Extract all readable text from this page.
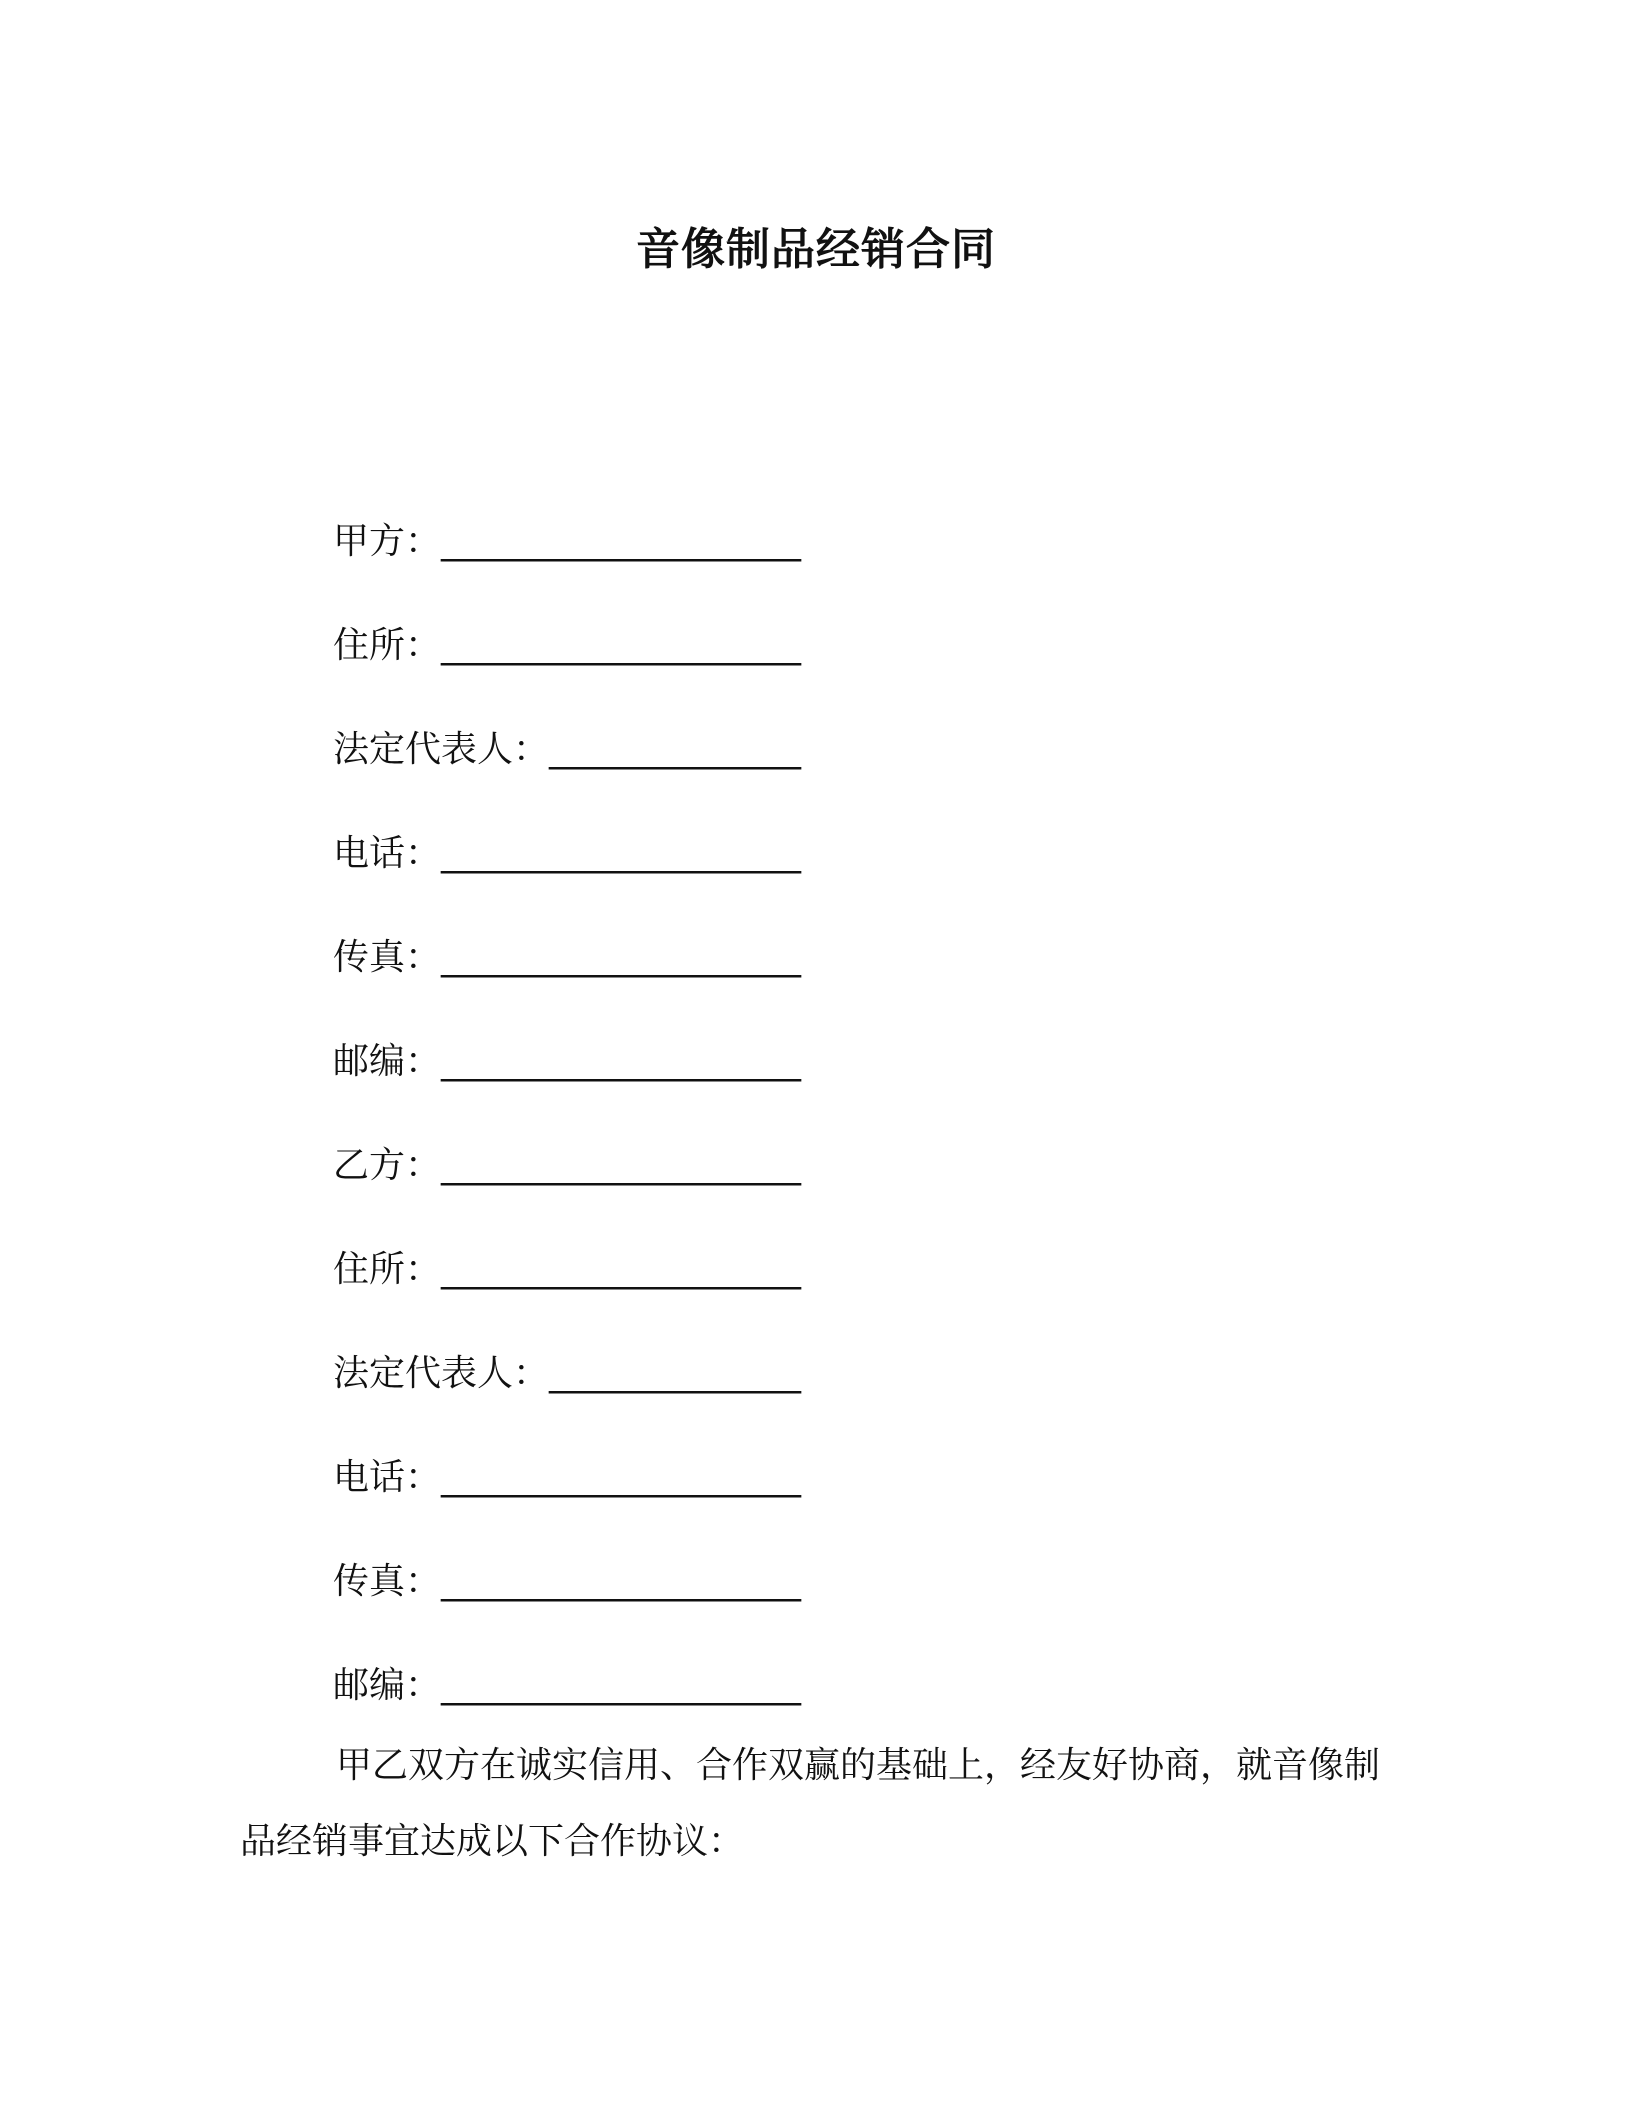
音像制品经销合同
甲方： ____________________
住所： ____________________
法定代表人： ______________
电话： ____________________
传真： ____________________
邮编： ____________________
乙方： ____________________
住所： ____________________
法定代表人： ______________
电话： ____________________
传真： ____________________
邮编： ____________________
甲乙双方在诚实信用、合作双赢的基础上，经友好协商，就音像制品经销事宜达成以下合作协议：
